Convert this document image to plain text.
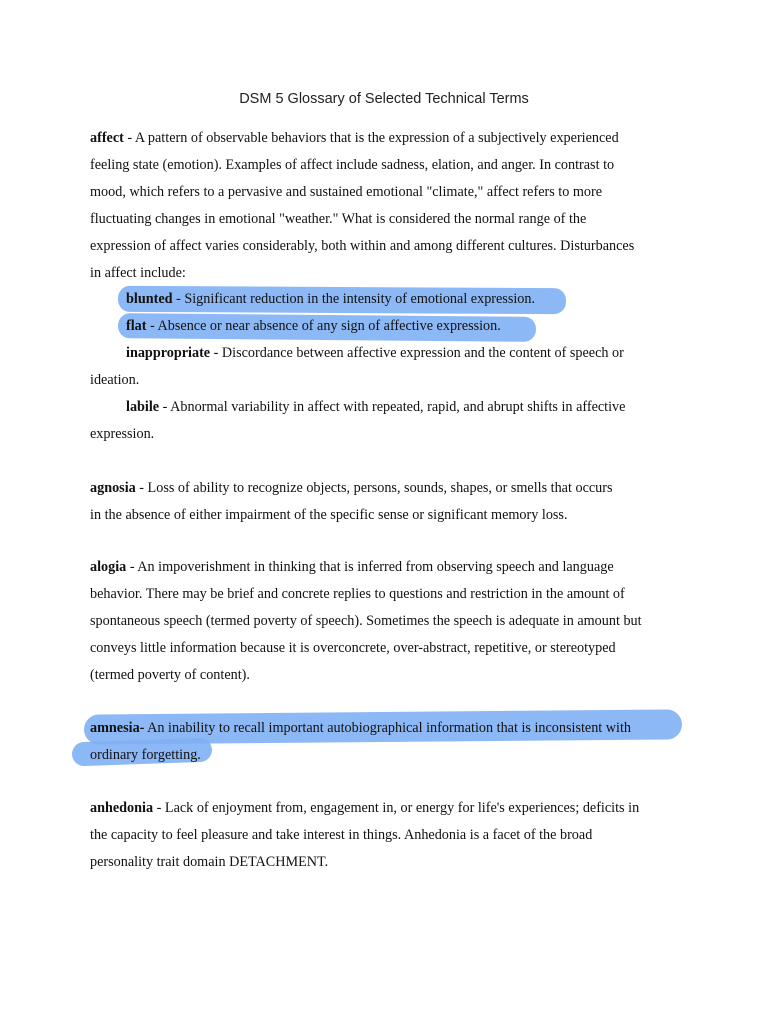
DSM 5 Glossary of Selected Technical Terms
affect - A pattern of observable behaviors that is the expression of a subjectively experienced
feeling state (emotion). Examples of affect include sadness, elation, and anger. In contrast to
mood, which refers to a pervasive and sustained emotional "climate," affect refers to more
fluctuating changes in emotional "weather." What is considered the normal range of the
expression of affect varies considerably, both within and among different cultures. Disturbances
in affect include:
blunted - Significant reduction in the intensity of emotional expression.
flat - Absence or near absence of any sign of affective expression.
inappropriate - Discordance between affective expression and the content of speech or
ideation.
labile - Abnormal variability in affect with repeated, rapid, and abrupt shifts in affective
expression.
agnosia - Loss of ability to recognize objects, persons, sounds, shapes, or smells that occurs
in the absence of either impairment of the specific sense or significant memory loss.
alogia - An impoverishment in thinking that is inferred from observing speech and language
behavior. There may be brief and concrete replies to questions and restriction in the amount of
spontaneous speech (termed poverty of speech). Sometimes the speech is adequate in amount but
conveys little information because it is overconcrete, over-abstract, repetitive, or stereotyped
(termed poverty of content).
amnesia- An inability to recall important autobiographical information that is inconsistent with
ordinary forgetting.
anhedonia - Lack of enjoyment from, engagement in, or energy for life's experiences; deficits in
the capacity to feel pleasure and take interest in things. Anhedonia is a facet of the broad
personality trait domain DETACHMENT.
